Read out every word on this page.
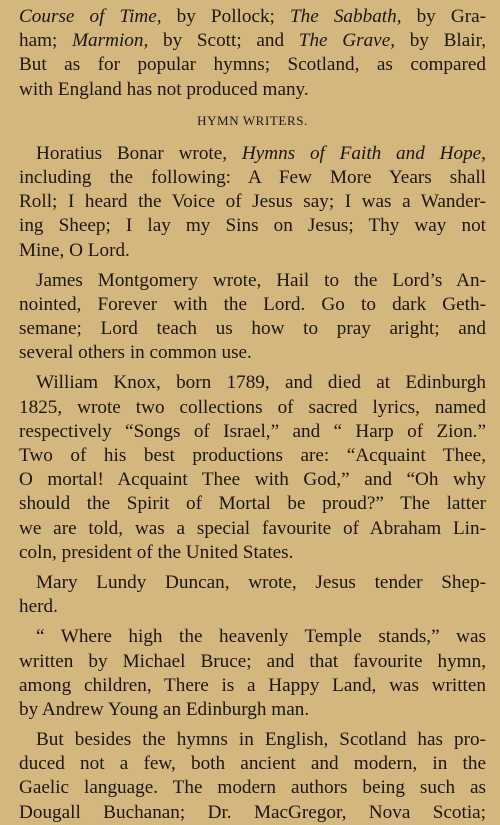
Course of Time, by Pollock; The Sabbath, by Gra-
ham; Marmion, by Scott; and The Grave, by Blair,
But as for popular hymns; Scotland, as compared
with England has not produced many.
HYMN WRITERS.
Horatius Bonar wrote, Hymns of Faith and Hope,
including the following: A Few More Years shall
Roll; I heard the Voice of Jesus say; I was a Wander-
ing Sheep; I lay my Sins on Jesus; Thy way not
Mine, O Lord.
James Montgomery wrote, Hail to the Lord’s An-
nointed, Forever with the Lord. Go to dark Geth-
semane; Lord teach us how to pray aright; and
several others in common use.
William Knox, born 1789, and died at Edinburgh
1825, wrote two collections of sacred lyrics, named
respectively “Songs of Israel,” and “ Harp of Zion.”
Two of his best productions are: “Acquaint Thee,
O mortal! Acquaint Thee with God,” and “Oh why
should the Spirit of Mortal be proud?” The latter
we are told, was a special favourite of Abraham Lin-
coln, president of the United States.
Mary Lundy Duncan, wrote, Jesus tender Shep-
herd.
“ Where high the heavenly Temple stands,” was
written by Michael Bruce; and that favourite hymn,
among children, There is a Happy Land, was written
by Andrew Young an Edinburgh man.
But besides the hymns in English, Scotland has pro-
duced not a few, both ancient and modern, in the
Gaelic language. The modern authors being such as
Dougall Buchanan; Dr. MacGregor, Nova Scotia;
